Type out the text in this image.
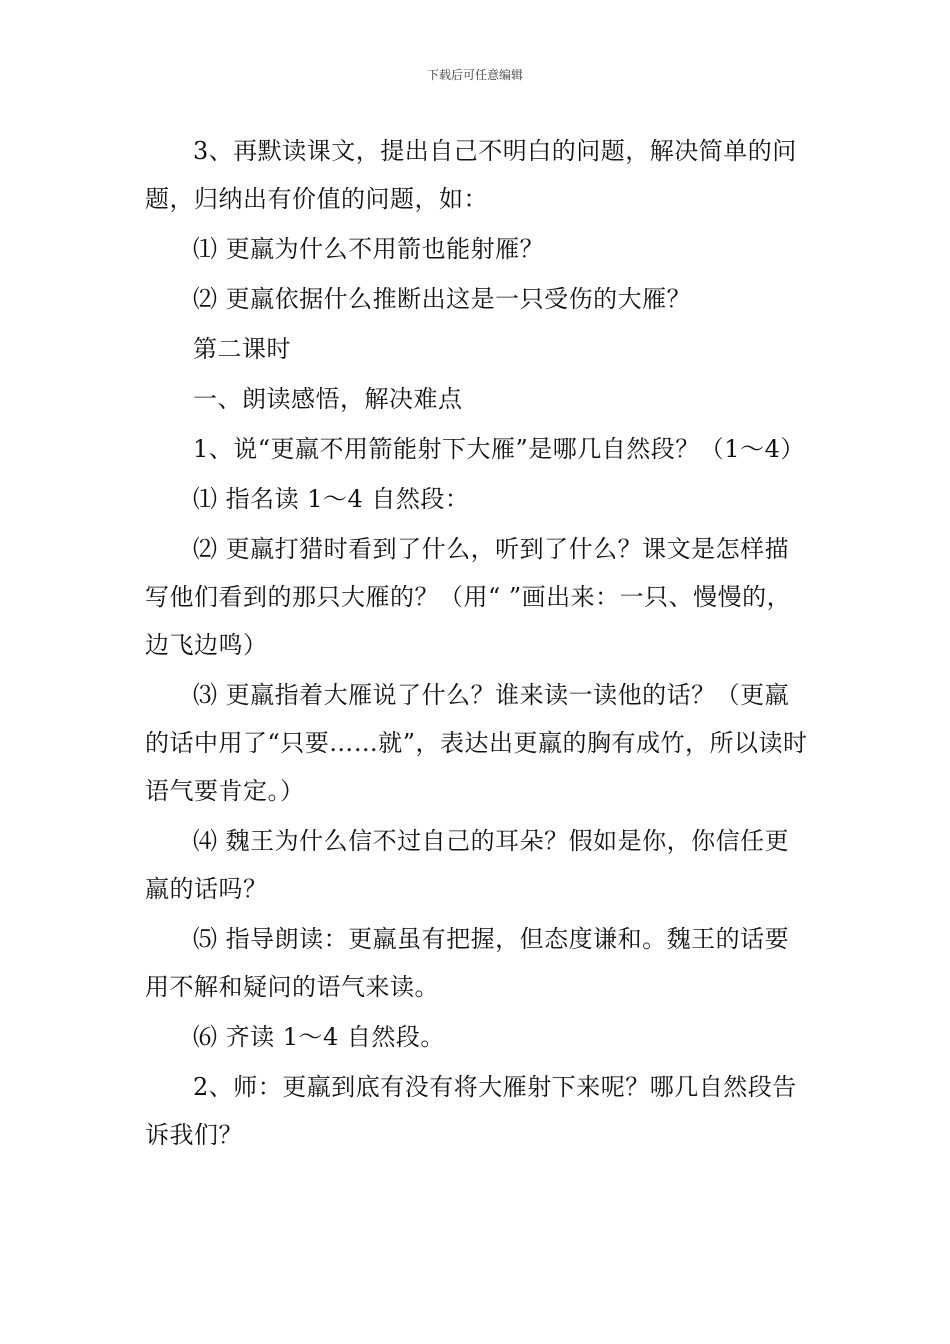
下载后可任意编辑

3、再默读课文，提出自己不明白的问题，解决简单的问题，归纳出有价值的问题，如：

⑴ 更羸为什么不用箭也能射雁？

⑵ 更羸依据什么推断出这是一只受伤的大雁？

第二课时

一、朗读感悟，解决难点

1、说“更羸不用箭能射下大雁”是哪几自然段？（1～4）

⑴ 指名读 1～4 自然段：

⑵ 更羸打猎时看到了什么，听到了什么？课文是怎样描写他们看到的那只大雁的？（用“ ”画出来：一只、慢慢的，边飞边鸣）

⑶ 更羸指着大雁说了什么？谁来读一读他的话？（更羸的话中用了“只要……就”，表达出更羸的胸有成竹，所以读时语气要肯定。）

⑷ 魏王为什么信不过自己的耳朵？假如是你，你信任更羸的话吗？

⑸ 指导朗读：更羸虽有把握，但态度谦和。魏王的话要用不解和疑问的语气来读。

⑹ 齐读 1～4 自然段。

2、师：更羸到底有没有将大雁射下来呢？哪几自然段告诉我们？
